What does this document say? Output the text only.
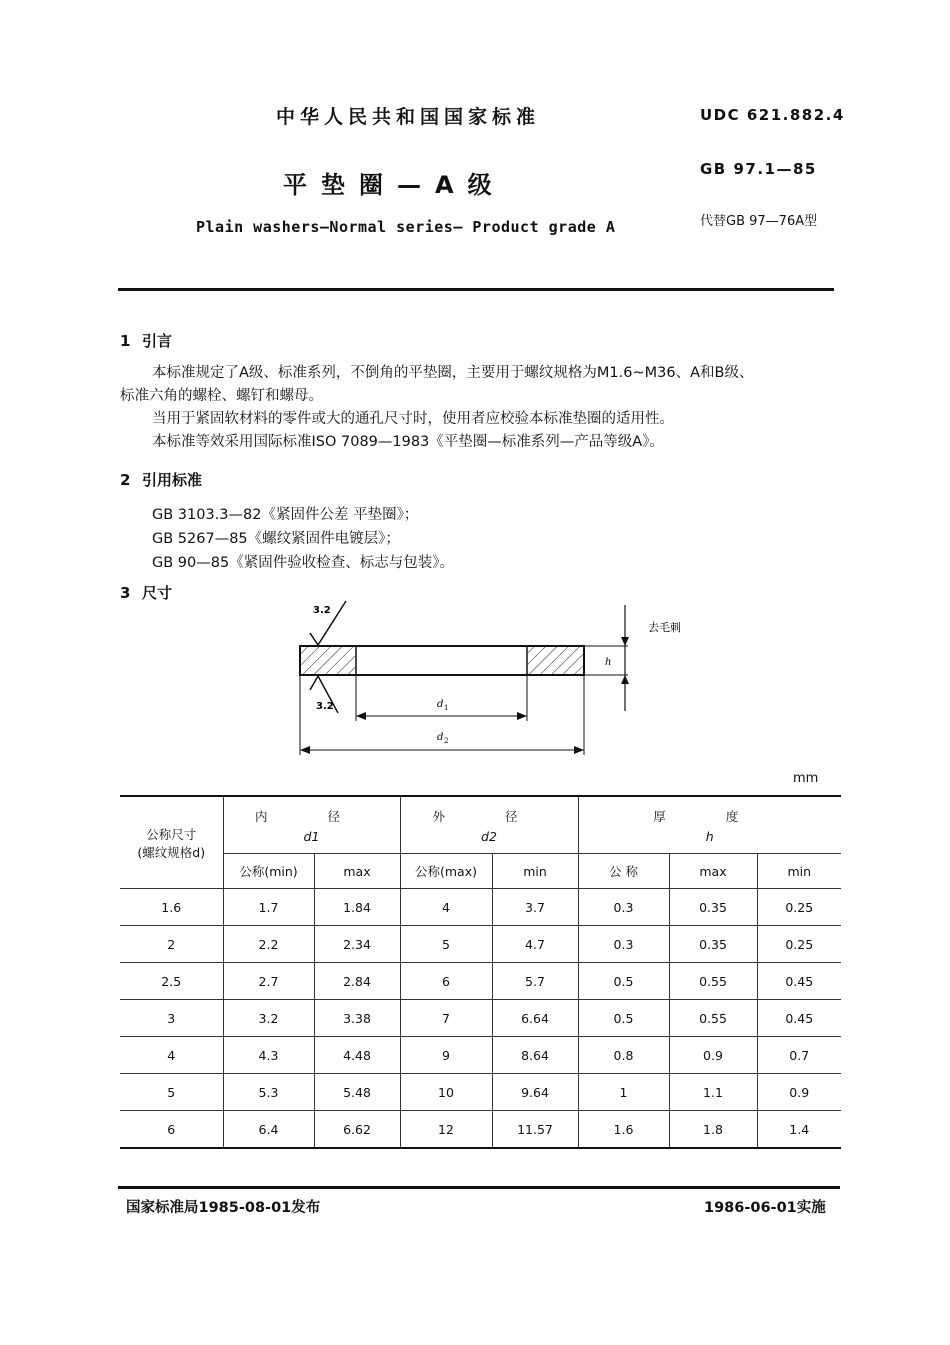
中华人民共和国国家标准	UDC 621.882.4
平垫圈—A级
GB 97.1—85
Plain washers—Normal series— Product grade A	代替GB 97—76A型
1 引言
本标准规定了A级、标准系列，不倒角的平垫圈，主要用于螺纹规格为M1.6~M36、A和B级、
标准六角的螺栓、螺钉和螺母。
当用于紧固软材料的零件或大的通孔尺寸时，使用者应校验本标准垫圈的适用性。
本标准等效采用国际标准ISO 7089—1983《平垫圈—标准系列—产品等级A》。
2 引用标准
GB 3103.3—82《紧固件公差 平垫圈》；
GB 5267—85《螺纹紧固件电镀层》；
GB 90—85《紧固件验收检查、标志与包装》。
3 尺寸
3.2
3.2
h
去毛刺
d 1
d 2
mm
公称尺寸
(螺纹规格d)	内 径
d1		外 径
d2		厚 度
h		

	公称(min)	max	公称(max)	min	公 称	max	min
1.6	1.7	1.84	4	3.7	0.3	0.35	0.25
2	2.2	2.34	5	4.7	0.3	0.35	0.25
2.5	2.7	2.84	6	5.7	0.5	0.55	0.45
3	3.2	3.38	7	6.64	0.5	0.55	0.45
4	4.3	4.48	9	8.64	0.8	0.9	0.7
5	5.3	5.48	10	9.64	1	1.1	0.9
6	6.4	6.62	12	11.57	1.6	1.8	1.4
国家标准局1985-08-01发布	1986-06-01实施
